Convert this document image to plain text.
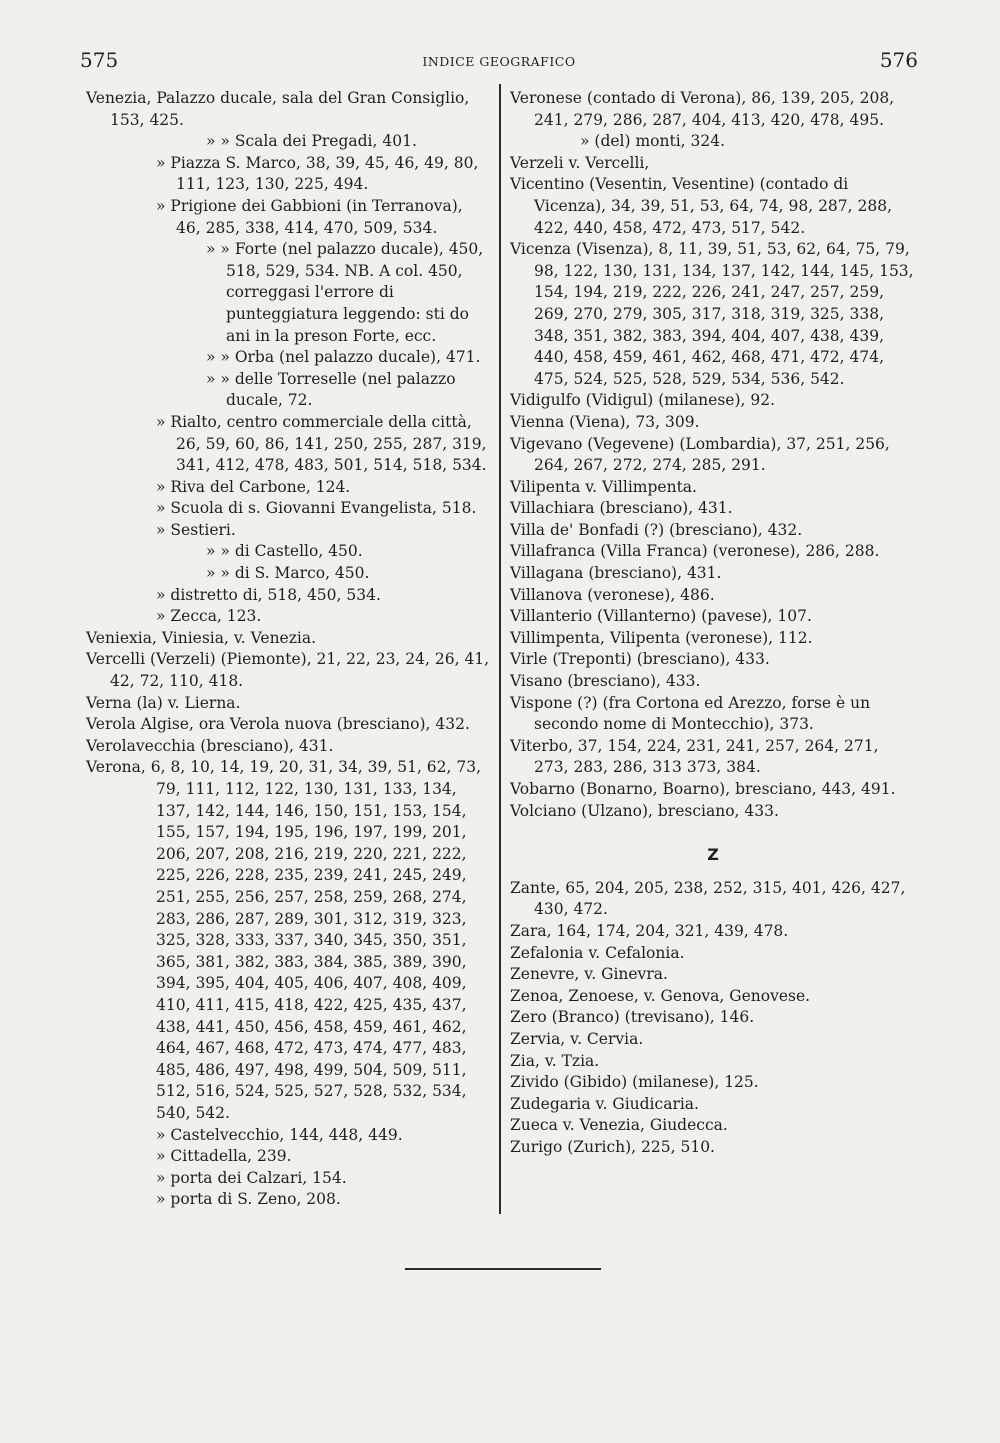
575	INDICE GEOGRAFICO	576

Venezia, Palazzo ducale, sala del Gran Consiglio, 153, 425.

» » Scala dei Pregadi, 401.

» Piazza S. Marco, 38, 39, 45, 46, 49, 80, 111, 123, 130, 225, 494.

» Prigione dei Gabbioni (in Terranova), 46, 285, 338, 414, 470, 509, 534.

» » Forte (nel palazzo ducale), 450, 518, 529, 534. NB. A col. 450, correggasi l'errore di punteggiatura leggendo: sti do ani in la preson Forte, ecc.

» » Orba (nel palazzo ducale), 471.

» » delle Torreselle (nel palazzo ducale, 72.

» Rialto, centro commerciale della città, 26, 59, 60, 86, 141, 250, 255, 287, 319, 341, 412, 478, 483, 501, 514, 518, 534.

» Riva del Carbone, 124.

» Scuola di s. Giovanni Evangelista, 518.

» Sestieri.

» » di Castello, 450.

» » di S. Marco, 450.

» distretto di, 518, 450, 534.

» Zecca, 123.

Veniexia, Viniesia, v. Venezia.

Vercelli (Verzeli) (Piemonte), 21, 22, 23, 24, 26, 41, 42, 72, 110, 418.

Verna (la) v. Lierna.

Verola Algise, ora Verola nuova (bresciano), 432.

Verolavecchia (bresciano), 431.

Verona, 6, 8, 10, 14, 19, 20, 31, 34, 39, 51, 62, 73, 79, 111, 112, 122, 130, 131, 133, 134, 137, 142, 144, 146, 150, 151, 153, 154, 155, 157, 194, 195, 196, 197, 199, 201, 206, 207, 208, 216, 219, 220, 221, 222, 225, 226, 228, 235, 239, 241, 245, 249, 251, 255, 256, 257, 258, 259, 268, 274, 283, 286, 287, 289, 301, 312, 319, 323, 325, 328, 333, 337, 340, 345, 350, 351, 365, 381, 382, 383, 384, 385, 389, 390, 394, 395, 404, 405, 406, 407, 408, 409, 410, 411, 415, 418, 422, 425, 435, 437, 438, 441, 450, 456, 458, 459, 461, 462, 464, 467, 468, 472, 473, 474, 477, 483, 485, 486, 497, 498, 499, 504, 509, 511, 512, 516, 524, 525, 527, 528, 532, 534, 540, 542.

» Castelvecchio, 144, 448, 449.

» Cittadella, 239.

» porta dei Calzari, 154.

» porta di S. Zeno, 208.

Veronese (contado di Verona), 86, 139, 205, 208, 241, 279, 286, 287, 404, 413, 420, 478, 495.

» (del) monti, 324.

Verzeli v. Vercelli,

Vicentino (Vesentin, Vesentine) (contado di Vicenza), 34, 39, 51, 53, 64, 74, 98, 287, 288, 422, 440, 458, 472, 473, 517, 542.

Vicenza (Visenza), 8, 11, 39, 51, 53, 62, 64, 75, 79, 98, 122, 130, 131, 134, 137, 142, 144, 145, 153, 154, 194, 219, 222, 226, 241, 247, 257, 259, 269, 270, 279, 305, 317, 318, 319, 325, 338, 348, 351, 382, 383, 394, 404, 407, 438, 439, 440, 458, 459, 461, 462, 468, 471, 472, 474, 475, 524, 525, 528, 529, 534, 536, 542.

Vidigulfo (Vidigul) (milanese), 92.

Vienna (Viena), 73, 309.

Vigevano (Vegevene) (Lombardia), 37, 251, 256, 264, 267, 272, 274, 285, 291.

Vilipenta v. Villimpenta.

Villachiara (bresciano), 431.

Villa de' Bonfadi (?) (bresciano), 432.

Villafranca (Villa Franca) (veronese), 286, 288.

Villagana (bresciano), 431.

Villanova (veronese), 486.

Villanterio (Villanterno) (pavese), 107.

Villimpenta, Vilipenta (veronese), 112.

Virle (Treponti) (bresciano), 433.

Visano (bresciano), 433.

Vispone (?) (fra Cortona ed Arezzo, forse è un secondo nome di Montecchio), 373.

Viterbo, 37, 154, 224, 231, 241, 257, 264, 271, 273, 283, 286, 313 373, 384.

Vobarno (Bonarno, Boarno), bresciano, 443, 491.

Volciano (Ulzano), bresciano, 433.

Z

Zante, 65, 204, 205, 238, 252, 315, 401, 426, 427, 430, 472.

Zara, 164, 174, 204, 321, 439, 478.

Zefalonia v. Cefalonia.

Zenevre, v. Ginevra.

Zenoa, Zenoese, v. Genova, Genovese.

Zero (Branco) (trevisano), 146.

Zervia, v. Cervia.

Zia, v. Tzia.

Zivido (Gibido) (milanese), 125.

Zudegaria v. Giudicaria.

Zueca v. Venezia, Giudecca.

Zurigo (Zurich), 225, 510.
